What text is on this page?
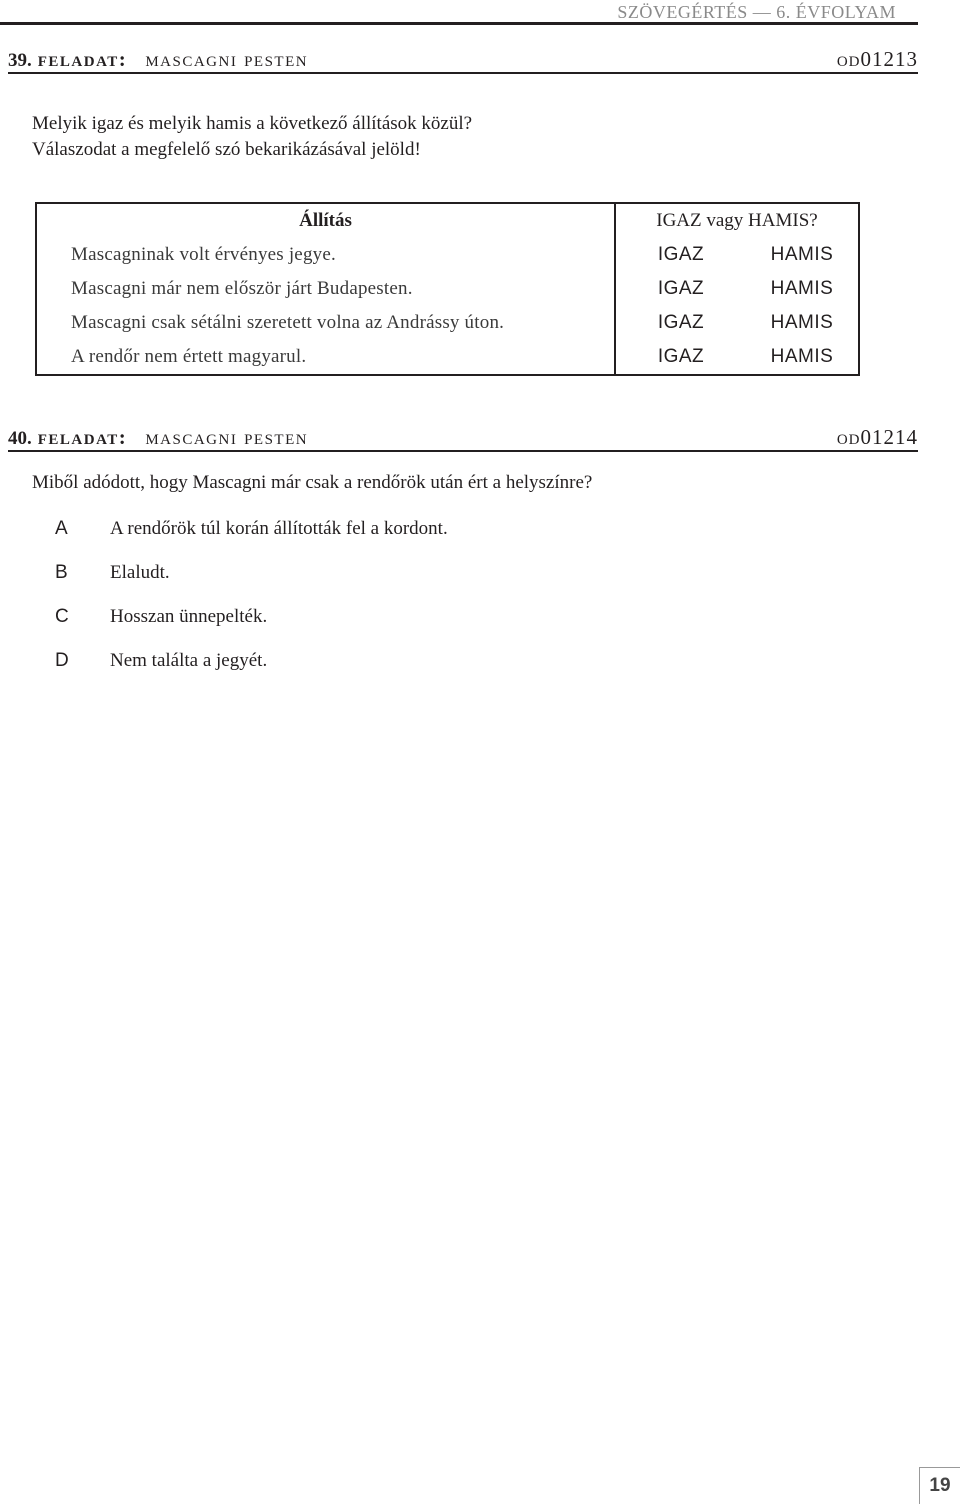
SZÖVEGÉRTÉS — 6. ÉVFOLYAM
39. feladat: mascagni pesten	od01213
Melyik igaz és melyik hamis a következő állítások közül?
Válaszodat a megfelelő szó bekarikázásával jelöld!
Állítás	IGAZ vagy HAMIS?	
Mascagninak volt érvényes jegye.	IGAZ	HAMIS
Mascagni már nem először járt Budapesten.	IGAZ	HAMIS
Mascagni csak sétálni szeretett volna az Andrássy úton.	IGAZ	HAMIS
A rendőr nem értett magyarul.	IGAZ	HAMIS
40. feladat: mascagni pesten	od01214
Miből adódott, hogy Mascagni már csak a rendőrök után ért a helyszínre?
A	A rendőrök túl korán állították fel a kordont.
B	Elaludt.
C	Hosszan ünnepelték.
D	Nem találta a jegyét.
19
